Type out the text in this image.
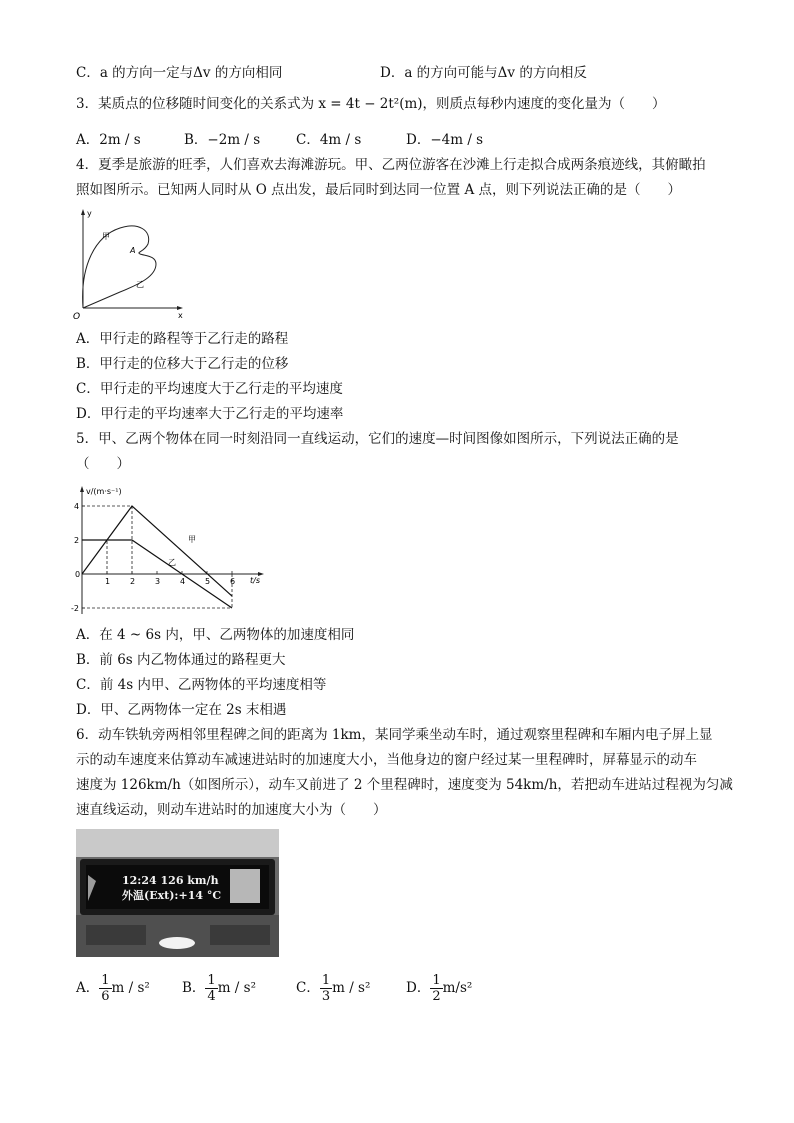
C．a 的方向一定与Δv 的方向相同	D．a 的方向可能与Δv 的方向相反
3．某质点的位移随时间变化的关系式为 x = 4t − 2t²(m)，则质点每秒内速度的变化量为（　　）
A．2m / s	B．−2m / s	C．4m / s	D．−4m / s
4．夏季是旅游的旺季，人们喜欢去海滩游玩。甲、乙两位游客在沙滩上行走拟合成两条痕迹线，其俯瞰拍
照如图所示。已知两人同时从 O 点出发，最后同时到达同一位置 A 点，则下列说法正确的是（　　）
y
x
O
A
甲
乙
A．甲行走的路程等于乙行走的路程
B．甲行走的位移大于乙行走的位移
C．甲行走的平均速度大于乙行走的平均速度
D．甲行走的平均速率大于乙行走的平均速率
5．甲、乙两个物体在同一时刻沿同一直线运动，它们的速度—时间图像如图所示，下列说法正确的是
（　　）
v/(m·s⁻¹)
t/s
0
1 2 3 4 5 6
4
2
-2
甲
乙
A．在 4 ~ 6s 内，甲、乙两物体的加速度相同
B．前 6s 内乙物体通过的路程更大
C．前 4s 内甲、乙两物体的平均速度相等
D．甲、乙两物体一定在 2s 末相遇
6．动车铁轨旁两相邻里程碑之间的距离为 1km，某同学乘坐动车时，通过观察里程碑和车厢内电子屏上显
示的动车速度来估算动车减速进站时的加速度大小，当他身边的窗户经过某一里程碑时，屏幕显示的动车
速度为 126km/h（如图所示），动车又前进了 2 个里程碑时，速度变为 54km/h，若把动车进站过程视为匀减
速直线运动，则动车进站时的加速度大小为（　　）
12:24 126 km/h
外温(Ext):+14 °C
A． $\frac{1}{6}$ m / s² B． $\frac{1}{4}$ m / s²	C． $\frac{1}{3}$ m / s²	D． $\frac{1}{2} m/s^2$
